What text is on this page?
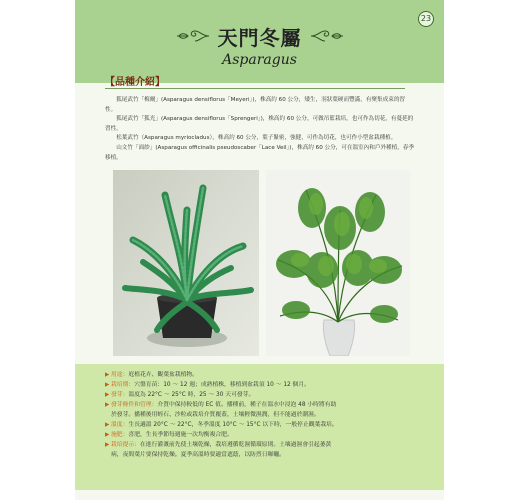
23
天門冬屬
Asparagus
【品種介紹】

狐尾武竹「梅爾」(Asparagus densiflorus「Meyeri」)，株高約 60 公分，矮生，羽狀葉硬而豐滿，有聚集成束的習性。

狐尾武竹「狐光」(Asparagus densiflorus「Sprengeri」)，株高約 60 公分，可做吊籃栽培，也可作為切花，有蔓延的習性。

松葉武竹（Asparagus myriocladus），株高約 60 公分，葉子緊密，強健，可作為切花，也可作小型盆栽種植。

山文竹「面紗」(Asparagus officinalis pseudoscaber「Lace Veil」)，株高約 60 公分，可在溫室內和戶外種植，春季移植。

▶ 用途：庭植花卉、觀葉盆栽植物。
▶ 栽培期：穴盤育苗：10 ～ 12 週；成熟植株，移植到盆栽須 10 ～ 12 個月。
▶ 發芽：溫度為 22°C ～ 25°C 時，25 ～ 30 天可發芽。
▶ 發芽條件和管理：介質中保持較低的 EC 值。播種前，種子在溫水中浸泡 48 小時將有助
於發芽。播種後用蛭石、沙粒或栽培介質覆蓋，土壤輕微濕潤，但不能過於潮濕。
▶ 溫度：生長適溫 20°C ～ 22°C，冬季溫度 10°C ～ 15°C 以下時，一般停止觀葉栽培。
▶ 施肥：喜肥，生長季節每週施一次均衡複合肥。
▶ 栽培提示：在進行灌溉前先使土壤乾燥，栽培遵循乾濕循環原則。土壤過濕會引起萎黃
病，夜間葉片要保持乾燥。夏季高溫時要適當遮蔭，以防烈日曝曬。
